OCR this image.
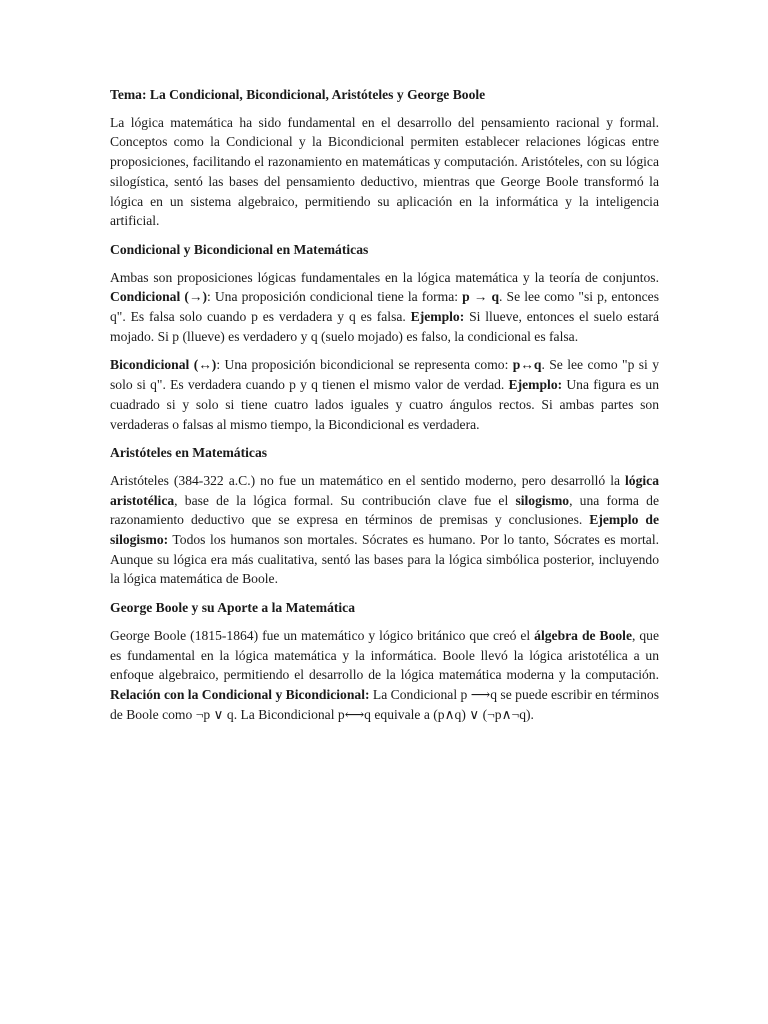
Tema: La Condicional, Bicondicional, Aristóteles y George Boole

La lógica matemática ha sido fundamental en el desarrollo del pensamiento racional y formal. Conceptos como la Condicional y la Bicondicional permiten establecer relaciones lógicas entre proposiciones, facilitando el razonamiento en matemáticas y computación. Aristóteles, con su lógica silogística, sentó las bases del pensamiento deductivo, mientras que George Boole transformó la lógica en un sistema algebraico, permitiendo su aplicación en la informática y la inteligencia artificial.

Condicional y Bicondicional en Matemáticas

Ambas son proposiciones lógicas fundamentales en la lógica matemática y la teoría de conjuntos. Condicional (→): Una proposición condicional tiene la forma: p → q. Se lee como "si p, entonces q". Es falsa solo cuando p es verdadera y q es falsa. Ejemplo: Si llueve, entonces el suelo estará mojado. Si p (llueve) es verdadero y q (suelo mojado) es falso, la condicional es falsa.

Bicondicional (↔): Una proposición bicondicional se representa como: p↔q. Se lee como "p si y solo si q". Es verdadera cuando p y q tienen el mismo valor de verdad. Ejemplo: Una figura es un cuadrado si y solo si tiene cuatro lados iguales y cuatro ángulos rectos. Si ambas partes son verdaderas o falsas al mismo tiempo, la Bicondicional es verdadera.

Aristóteles en Matemáticas

Aristóteles (384-322 a.C.) no fue un matemático en el sentido moderno, pero desarrolló la lógica aristotélica, base de la lógica formal. Su contribución clave fue el silogismo, una forma de razonamiento deductivo que se expresa en términos de premisas y conclusiones. Ejemplo de silogismo: Todos los humanos son mortales. Sócrates es humano. Por lo tanto, Sócrates es mortal. Aunque su lógica era más cualitativa, sentó las bases para la lógica simbólica posterior, incluyendo la lógica matemática de Boole.

George Boole y su Aporte a la Matemática

George Boole (1815-1864) fue un matemático y lógico británico que creó el álgebra de Boole, que es fundamental en la lógica matemática y la informática. Boole llevó la lógica aristotélica a un enfoque algebraico, permitiendo el desarrollo de la lógica matemática moderna y la computación. Relación con la Condicional y Bicondicional: La Condicional p ⟶q se puede escribir en términos de Boole como ¬p ∨ q. La Bicondicional p⟷q equivale a (p∧q) ∨ (¬p∧¬q).
